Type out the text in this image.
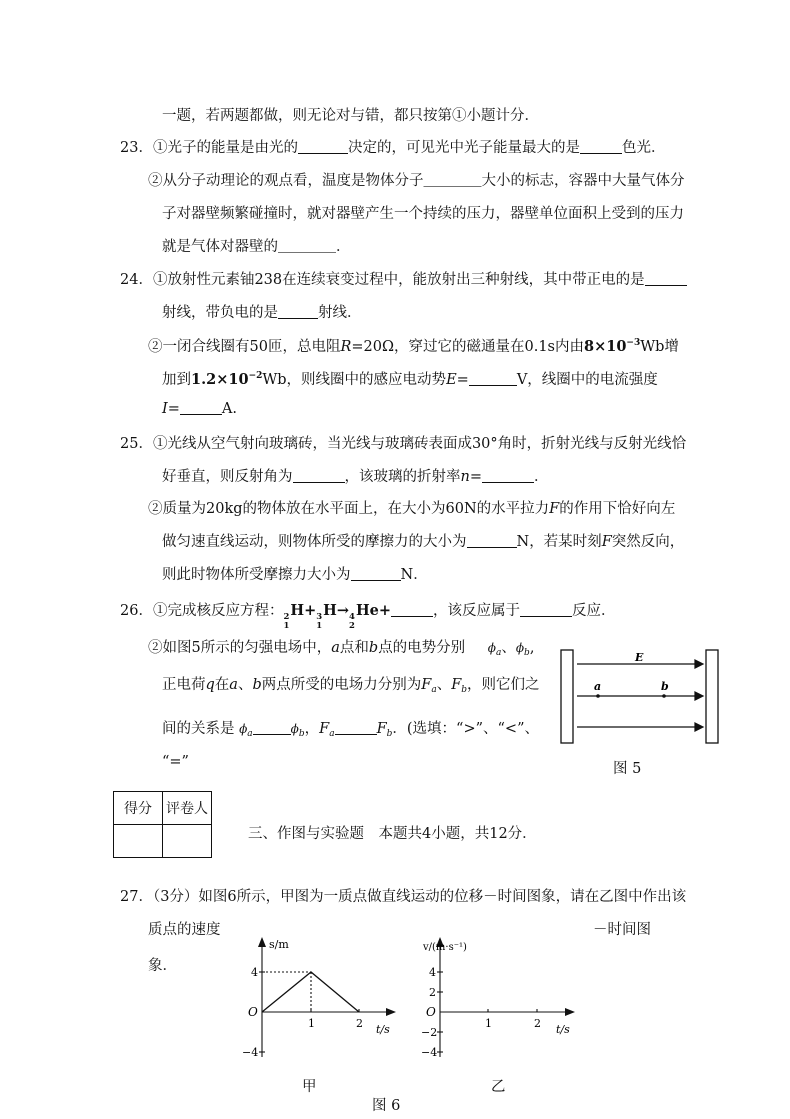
一题，若两题都做，则无论对与错，都只按第①小题计分．
23．①光子的能量是由光的	决定的，可见光中光子能量最大的是	色光．
②从分子动理论的观点看，温度是物体分子＿＿＿＿大小的标志，容器中大量气体分
子对器壁频繁碰撞时，就对器壁产生一个持续的压力，器壁单位面积上受到的压力
就是气体对器壁的＿＿＿＿．
24．①放射性元素铀238在连续衰变过程中，能放射出三种射线，其中带正电的是
射线，带负电的是	射线．
②一闭合线圈有50匝，总电阻R=20Ω，穿过它的磁通量在0.1s内由$8\times 10^{-3}Wb$增
加到$1.2\times 10^{-2}Wb$，则线圈中的感应电动势E=	V，线圈中的电流强度
I=	A.
25．①光线从空气射向玻璃砖，当光线与玻璃砖表面成30°角时，折射光线与反射光线恰
好垂直，则反射角为	，该玻璃的折射率n=	．
②质量为20kg的物体放在水平面上，在大小为60N的水平拉力F的作用下恰好向左
做匀速直线运动，则物体所受的摩擦力的大小为	N，若某时刻F突然反向，
则此时物体所受摩擦力大小为	N．
26．①完成核反应方程： 2
1
H+ 3
1
H→ 4
2
He+	，该反应属于	反应．
②如图5所示的匀强电场中，a点和b点的电势分别 $\phi_a$、$\phi_b$,
正电荷q在a、b两点所受的电场力分别为$F_a$、$F_b$，则它们之
间的关系是 $\phi_a$	$\phi_b$，$F_a$	$F_b$．(选填：“>”、“<”、
“=”
E
a	b
图 5
得分	评卷人

三、作图与实验题　本题共4小题，共12分．
27．（3分）如图6所示，甲图为一质点做直线运动的位移－时间图象，请在乙图中作出该
质点的速度	－时间图
象．
s/m
t/s
O
4
−4
1	2
甲
v/(m·s⁻¹)
t/s
O
4
2
−2
−4
1	2
乙
图 6
